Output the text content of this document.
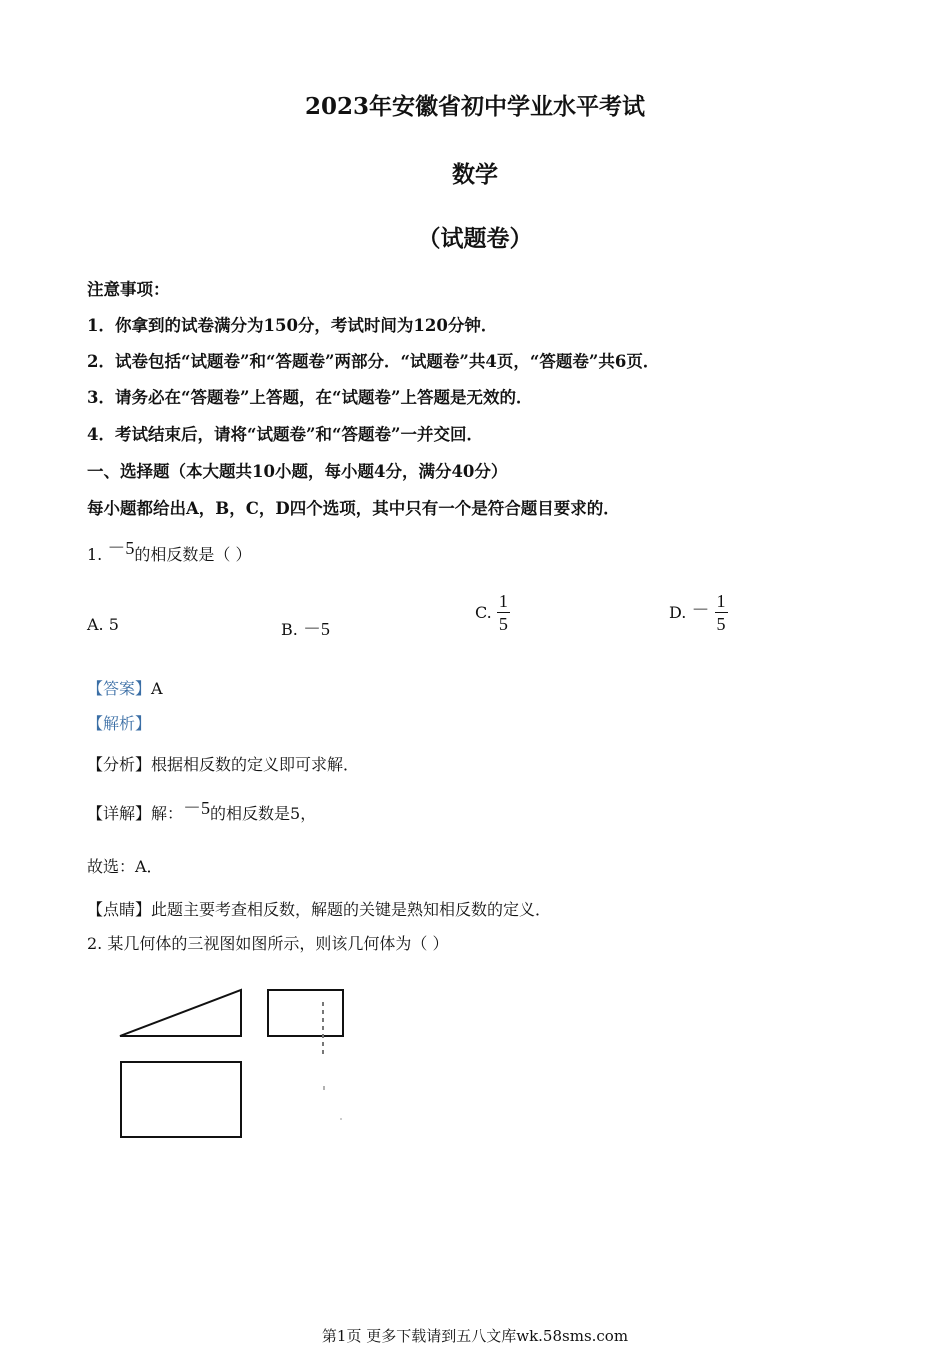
2023年安徽省初中学业水平考试
数学
（试题卷）
注意事项：
1．你拿到的试卷满分为150分，考试时间为120分钟．
2．试卷包括“试题卷”和“答题卷”两部分．“试题卷”共4页，“答题卷”共6页．
3．请务必在“答题卷”上答题，在“试题卷”上答题是无效的．
4．考试结束后，请将“试题卷”和“答题卷”一并交回．
一、选择题（本大题共10小题，每小题4分，满分40分）
每小题都给出A，B，C，D四个选项，其中只有一个是符合题目要求的．
1. －5的相反数是（ ）
A. 5	B. －5
C. $\frac{1}{5}$	D. － $\frac{1}{5}$
【答案】A
【解析】
【分析】根据相反数的定义即可求解．
【详解】解：－5的相反数是5，
故选：A．
【点睛】此题主要考查相反数，解题的关键是熟知相反数的定义．
2. 某几何体的三视图如图所示，则该几何体为（ ）
第1页 更多下载请到五八文库wk.58sms.com
